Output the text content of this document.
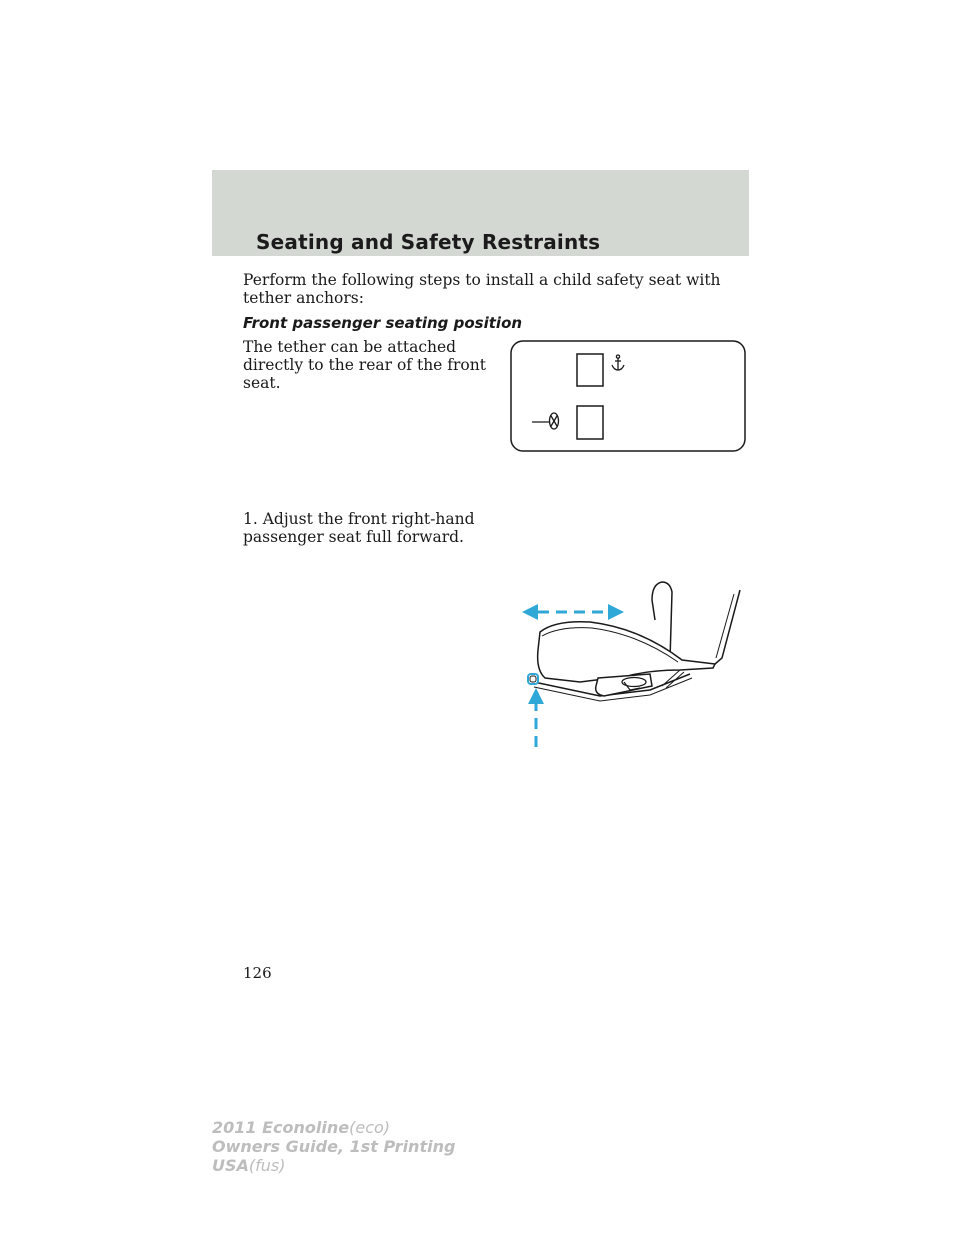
Seating and Safety Restraints

Perform the following steps to install a child safety seat with tether anchors:

Front passenger seating position

The tether can be attached directly to the rear of the front seat.

1. Adjust the front right-hand passenger seat full forward.

126
2011 Econoline(eco)
Owners Guide, 1st Printing
USA(fus)
